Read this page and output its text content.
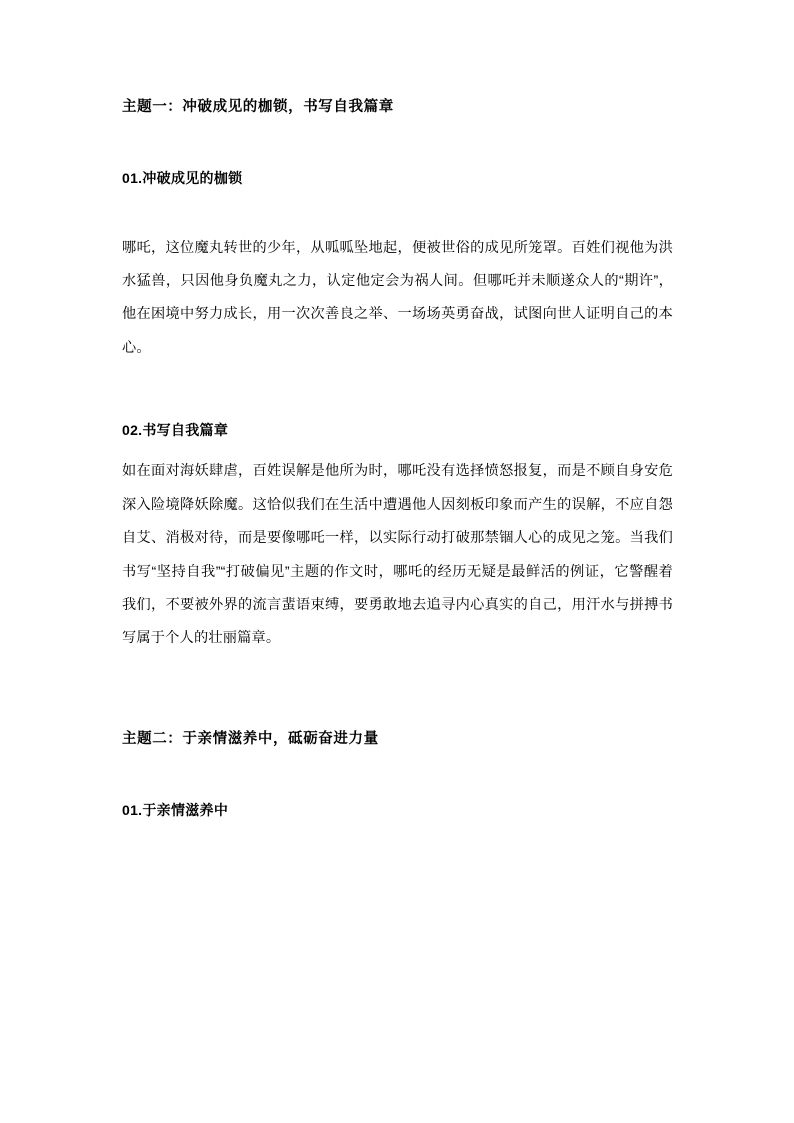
主题一：冲破成见的枷锁，书写自我篇章
01.冲破成见的枷锁

哪吒，这位魔丸转世的少年，从呱呱坠地起，便被世俗的成见所笼罩。百姓们视他为洪水猛兽，只因他身负魔丸之力，认定他定会为祸人间。但哪吒并未顺遂众人的“期许”，他在困境中努力成长，用一次次善良之举、一场场英勇奋战，试图向世人证明自己的本心。

02.书写自我篇章

如在面对海妖肆虐，百姓误解是他所为时，哪吒没有选择愤怒报复，而是不顾自身安危深入险境降妖除魔。这恰似我们在生活中遭遇他人因刻板印象而产生的误解，不应自怨自艾、消极对待，而是要像哪吒一样，以实际行动打破那禁锢人心的成见之笼。当我们书写“坚持自我”“打破偏见”主题的作文时，哪吒的经历无疑是最鲜活的例证，它警醒着我们，不要被外界的流言蜚语束缚，要勇敢地去追寻内心真实的自己，用汗水与拼搏书写属于个人的壮丽篇章。

主题二：于亲情滋养中，砥砺奋进力量
01.于亲情滋养中
